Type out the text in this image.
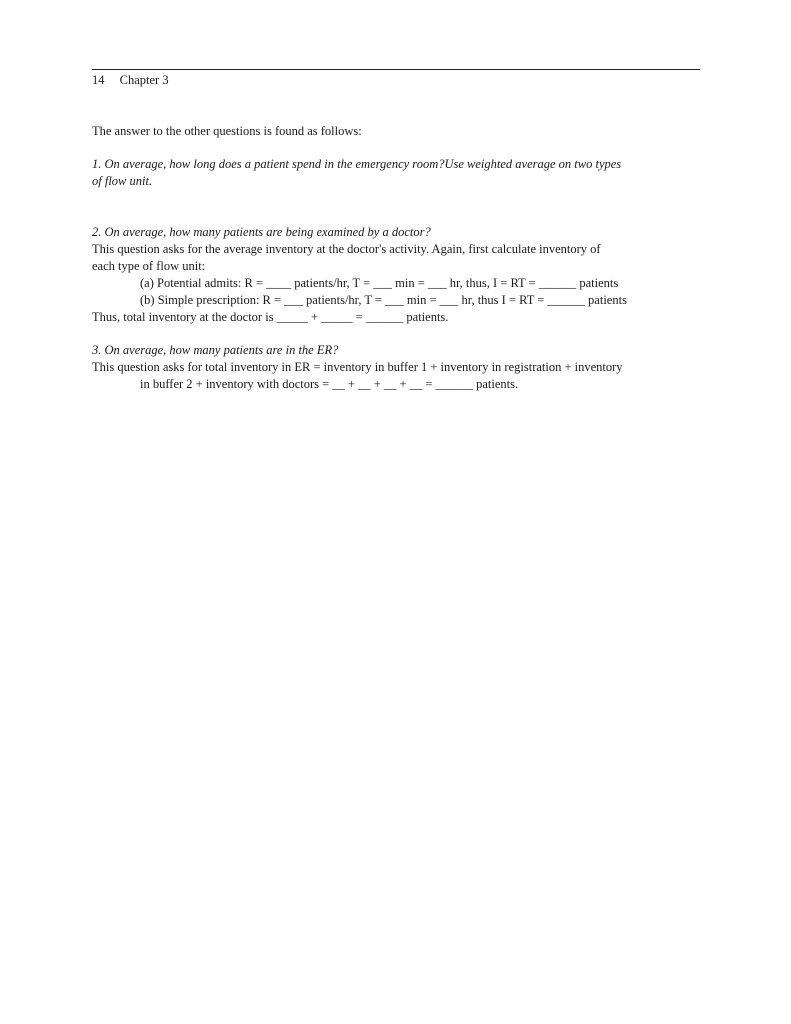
14 Chapter 3
The answer to the other questions is found as follows:
1. On average, how long does a patient spend in the emergency room?Use weighted average on two types
of flow unit.
2. On average, how many patients are being examined by a doctor?
This question asks for the average inventory at the doctor's activity. Again, first calculate inventory of
each type of flow unit:
(a) Potential admits: R = ____ patients/hr, T = ___ min = ___ hr, thus, I = RT = ______ patients
(b) Simple prescription: R = ___ patients/hr, T = ___ min = ___ hr, thus I = RT = ______ patients
Thus, total inventory at the doctor is _____ + _____ = ______ patients.
3. On average, how many patients are in the ER?
This question asks for total inventory in ER = inventory in buffer 1 + inventory in registration + inventory
in buffer 2 + inventory with doctors = __ + __ + __ + __ = ______ patients.
